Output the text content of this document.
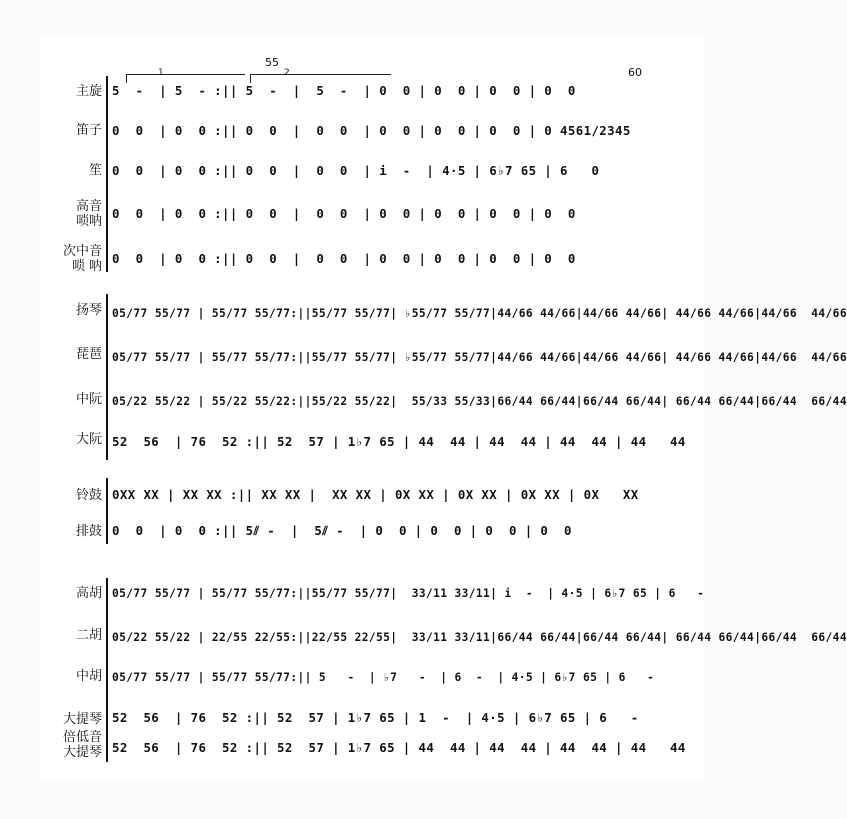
55
60
1	2
主旋
笛子
笙
高音
唢呐
次中音
唢 呐
扬琴
琵琶
中阮
大阮
铃鼓
排鼓
高胡
二胡
中胡
大提琴
倍低音
大提琴
5  -  | 5  - :|| 5  -  |  5  -  | 0  0 | 0  0 | 0  0 | 0  0
0  0  | 0  0 :|| 0  0  |  0  0  | 0  0 | 0  0 | 0  0 | 0 4561/2345
0  0  | 0  0 :|| 0  0  |  0  0  | i  -  | 4·5 | 6♭7 65 | 6   0
0  0  | 0  0 :|| 0  0  |  0  0  | 0  0 | 0  0 | 0  0 | 0  0
0  0  | 0  0 :|| 0  0  |  0  0  | 0  0 | 0  0 | 0  0 | 0  0
05/77 55/77 | 55/77 55/77:||55/77 55/77| ♭55/77 55/77|44/66 44/66|44/66 44/66| 44/66 44/66|44/66  44/66
05/77 55/77 | 55/77 55/77:||55/77 55/77| ♭55/77 55/77|44/66 44/66|44/66 44/66| 44/66 44/66|44/66  44/66
05/22 55/22 | 55/22 55/22:||55/22 55/22|  55/33 55/33|66/44 66/44|66/44 66/44| 66/44 66/44|66/44  66/44
52  56  | 76  52 :|| 52  57 | 1♭7 65 | 44  44 | 44  44 | 44  44 | 44   44
0XX XX | XX XX :|| XX XX |  XX XX | 0X XX | 0X XX | 0X XX | 0X   XX
0  0  | 0  0 :|| 5⫽ -  |  5⫽ -  | 0  0 | 0  0 | 0  0 | 0  0
05/77 55/77 | 55/77 55/77:||55/77 55/77|  33/11 33/11| i  -  | 4·5 | 6♭7 65 | 6   -
05/22 55/22 | 22/55 22/55:||22/55 22/55|  33/11 33/11|66/44 66/44|66/44 66/44| 66/44 66/44|66/44  66/44
05/77 55/77 | 55/77 55/77:|| 5   -  | ♭7   -  | 6  -  | 4·5 | 6♭7 65 | 6   -
52  56  | 76  52 :|| 52  57 | 1♭7 65 | 1  -  | 4·5 | 6♭7 65 | 6   -
52  56  | 76  52 :|| 52  57 | 1♭7 65 | 44  44 | 44  44 | 44  44 | 44   44
